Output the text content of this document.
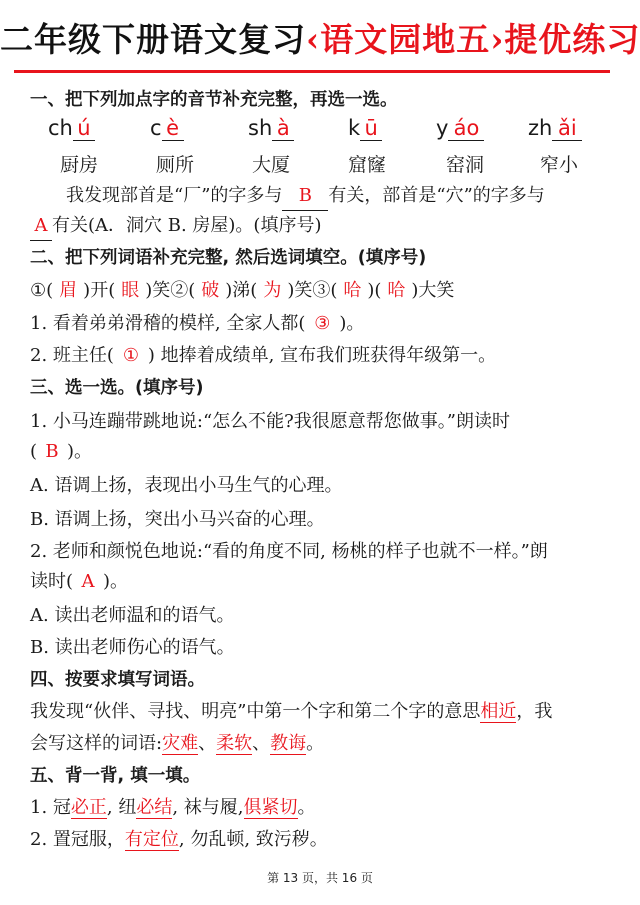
二年级下册语文复习‹语文园地五›提优练习
一、把下列加点字的音节补充完整，再选一选。
ch ú	c è	sh à	k ū	y áo zh ǎi
厨房	厕所	大厦	窟窿	窑洞	窄小
我发现部首是“厂”的字多与 B 有关，部首是“穴”的字多与
A 有关(A．洞穴 B. 房屋)。(填序号)
二、把下列词语补充完整, 然后选词填空。(填序号)
①( 眉 )开( 眼 )笑②( 破 )涕( 为 )笑③( 哈 )( 哈 )大笑
1. 看着弟弟滑稽的模样, 全家人都( ③ )。
2. 班主任( ① ) 地捧着成绩单, 宣布我们班获得年级第一。
三、选一选。(填序号)
1. 小马连蹦带跳地说:“怎么不能?我很愿意帮您做事。”朗读时
( B )。
A. 语调上扬，表现出小马生气的心理。
B. 语调上扬，突出小马兴奋的心理。
2. 老师和颜悦色地说:“看的角度不同, 杨桃的样子也就不一样。”朗
读时( A )。
A. 读出老师温和的语气。
B. 读出老师伤心的语气。
四、按要求填写词语。
我发现“伙伴、寻找、明亮”中第一个字和第二个字的意思相近，我
会写这样的词语:灾难、柔软、教诲。
五、背一背, 填一填。
1. 冠必正, 纽必结, 袜与履,俱紧切。
2. 置冠服，有定位, 勿乱顿, 致污秽。
第 13 页，共 16 页
